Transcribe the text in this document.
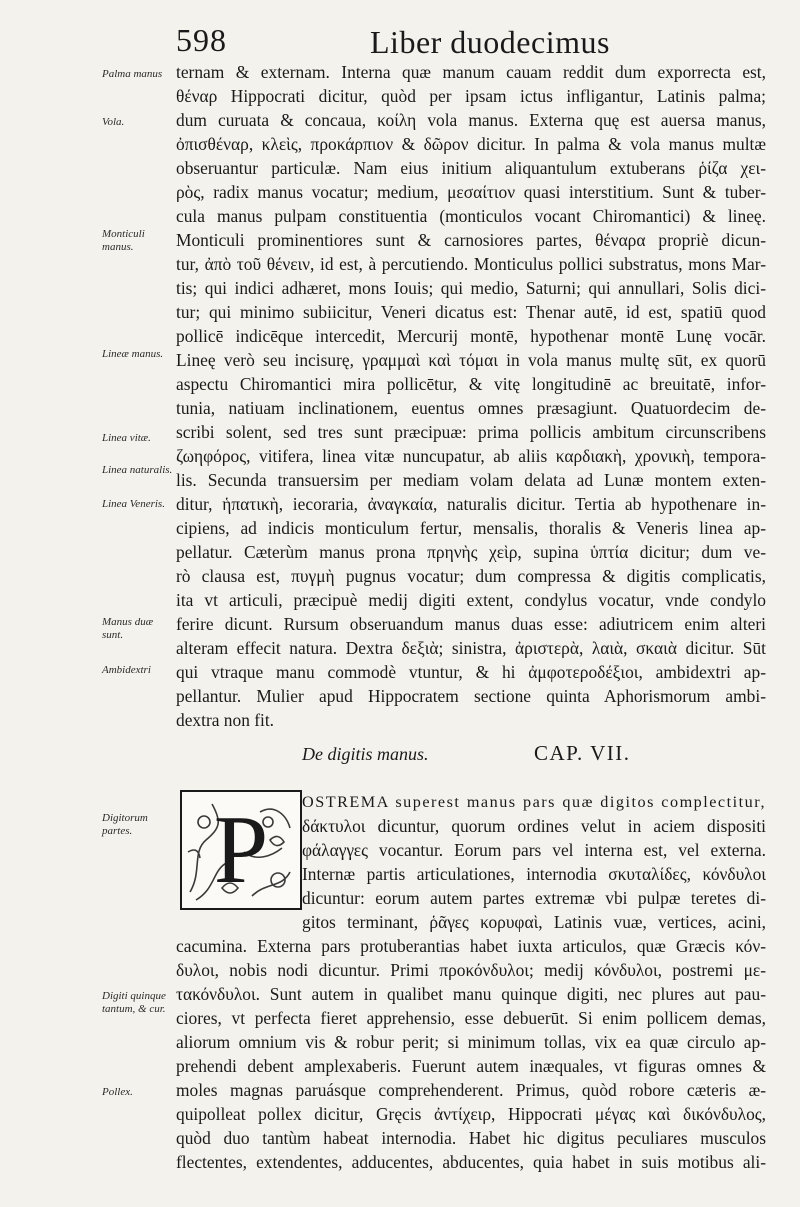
598	Liber duodecimus
Palma manus
Vola.
Monticuli manus.
Lineæ manus.
Linea vitæ.
Linea naturalis.
Linea Veneris.
Manus duæ sunt.
Ambidextri
Digitorum partes.
Digiti quinque tantum, & cur.
Pollex.
ternam & externam. Interna quæ manum cauam reddit dum exporrecta est,
θέναρ Hippocrati dicitur, quòd per ipsam ictus infligantur, Latinis palma;
dum curuata & concaua, κοίλη vola manus. Externa quę est auersa manus,
ὀπισθέναρ, κλεὶς, προκάρπιον & δῶρον dicitur. In palma & vola manus multæ
obseruantur particulæ. Nam eius initium aliquantulum extuberans ῥίζα χει-
ρὸς, radix manus vocatur; medium, μεσαίτιον quasi interstitium. Sunt & tuber-
cula manus pulpam constituentia (monticulos vocant Chiromantici) & lineę.
Monticuli prominentiores sunt & carnosiores partes, θέναρα propriè dicun-
tur, ἀπὸ τοῦ θένειν, id est, à percutiendo. Monticulus pollici substratus, mons Mar-
tis; qui indici adhæret, mons Iouis; qui medio, Saturni; qui annullari, Solis dici-
tur; qui minimo subiicitur, Veneri dicatus est: Thenar autē, id est, spatiū quod
pollicē indicēque intercedit, Mercurij montē, hypothenar montē Lunę vocār.
Lineę verò seu incisurę, γραμμαὶ καὶ τόμαι in vola manus multę sūt, ex quorū
aspectu Chiromantici mira pollicētur, & vitę longitudinē ac breuitatē, infor-
tunia, natiuam inclinationem, euentus omnes præsagiunt. Quatuordecim de-
scribi solent, sed tres sunt præcipuæ: prima pollicis ambitum circunscribens
ζωηφόρος, vitifera, linea vitæ nuncupatur, ab aliis καρδιακὴ, χρονικὴ, tempora-
lis. Secunda transuersim per mediam volam delata ad Lunæ montem exten-
ditur, ἡπατικὴ, iecoraria, ἀναγκαία, naturalis dicitur. Tertia ab hypothenare in-
cipiens, ad indicis monticulum fertur, mensalis, thoralis & Veneris linea ap-
pellatur. Cæterùm manus prona πρηνὴς χεὶρ, supina ὑπτία dicitur; dum ve-
rò clausa est, πυγμὴ pugnus vocatur; dum compressa & digitis complicatis,
ita vt articuli, præcipuè medij digiti extent, condylus vocatur, vnde condylo
ferire dicunt. Rursum obseruandum manus duas esse: adiutricem enim alteri
alteram effecit natura. Dextra δεξιὰ; sinistra, ἀριστερὰ, λαιὰ, σκαιὰ dicitur. Sūt
qui vtraque manu commodè vtuntur, & hi ἀμφοτεροδέξιοι, ambidextri ap-
pellantur. Mulier apud Hippocratem sectione quinta Aphorismorum ambi-
dextra non fit.
De digitis manus.	CAP. VII.
P	OSTREMA superest manus pars quæ digitos complectitur,
δάκτυλοι dicuntur, quorum ordines velut in aciem dispositi
φάλαγγες vocantur. Eorum pars vel interna est, vel externa.
Internæ partis articulationes, internodia σκυταλίδες, κόνδυλοι
dicuntur: eorum autem partes extremæ vbi pulpæ teretes di-
gitos terminant, ῥᾶγες κορυφαὶ, Latinis vuæ, vertices, acini,
cacumina. Externa pars protuberantias habet iuxta articulos, quæ Græcis κόν-
δυλοι, nobis nodi dicuntur. Primi προκόνδυλοι; medij κόνδυλοι, postremi με-
τακόνδυλοι. Sunt autem in qualibet manu quinque digiti, nec plures aut pau-
ciores, vt perfecta fieret apprehensio, esse debuerūt. Si enim pollicem demas,
aliorum omnium vis & robur perit; si minimum tollas, vix ea quæ circulo ap-
prehendi debent amplexaberis. Fuerunt autem inæquales, vt figuras omnes &
moles magnas paruásque comprehenderent. Primus, quòd robore cæteris æ-
quipolleat pollex dicitur, Gręcis ἀντίχειρ, Hippocrati μέγας καὶ δικόνδυλος,
quòd duo tantùm habeat internodia. Habet hic digitus peculiares musculos
flectentes, extendentes, adducentes, abducentes, quia habet in suis motibus ali-
